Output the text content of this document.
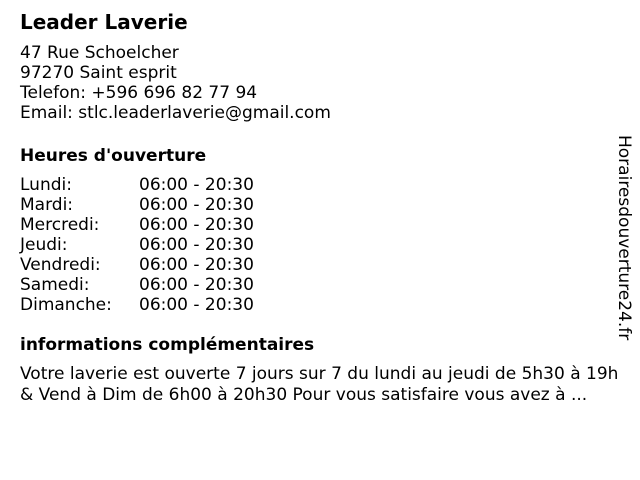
Leader Laverie
47 Rue Schoelcher
97270 Saint esprit
Telefon: +596 696 82 77 94
Email: stlc.leaderlaverie@gmail.com
Heures d'ouverture
Lundi:	06:00 - 20:30
Mardi:	06:00 - 20:30
Mercredi:	06:00 - 20:30
Jeudi:	06:00 - 20:30
Vendredi:	06:00 - 20:30
Samedi:	06:00 - 20:30
Dimanche:	06:00 - 20:30
informations complémentaires
Votre laverie est ouverte 7 jours sur 7 du lundi au jeudi de 5h30 à 19h & Vend à Dim de 6h00 à 20h30 Pour vous satisfaire vous avez à ...
Horairesdouverture24.fr
